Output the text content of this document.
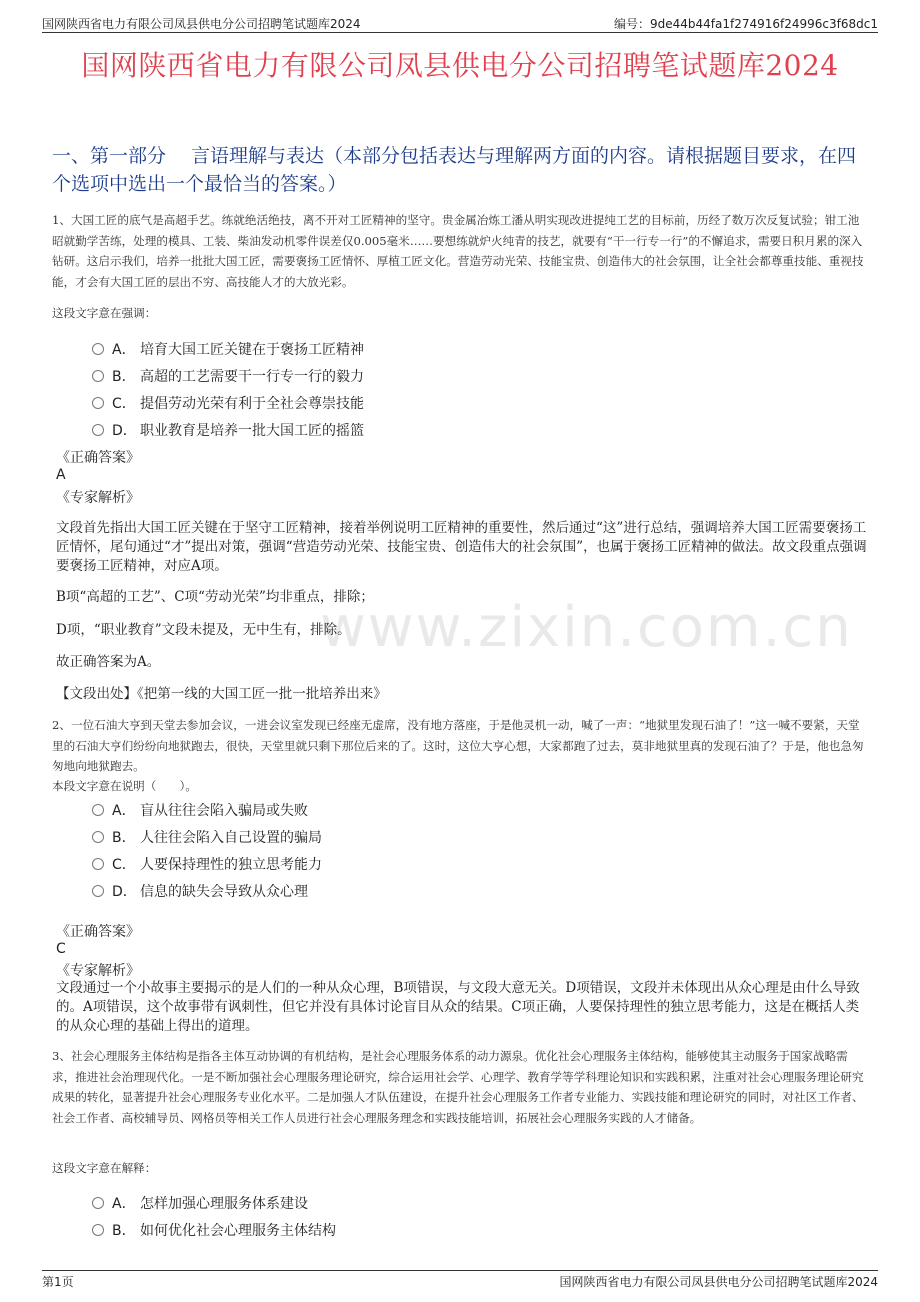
国网陕西省电力有限公司凤县供电分公司招聘笔试题库2024	编号：9de44b44fa1f274916f24996c3f68dc1
国网陕西省电力有限公司凤县供电分公司招聘笔试题库2024
一、第一部分　 言语理解与表达（本部分包括表达与理解两方面的内容。请根据题目要求，在四个选项中选出一个最恰当的答案。）
www.zixin.com.cn
1、大国工匠的底气是高超手艺。练就绝活绝技，离不开对工匠精神的坚守。贵金属冶炼工潘从明实现改进提纯工艺的目标前，历经了数万次反复试验；钳工池昭就勤学苦练，处理的模具、工装、柴油发动机零件误差仅0.005毫米……要想练就炉火纯青的技艺，就要有“干一行专一行”的不懈追求，需要日积月累的深入钻研。这启示我们，培养一批批大国工匠，需要褒扬工匠情怀、厚植工匠文化。营造劳动光荣、技能宝贵、创造伟大的社会氛围，让全社会都尊重技能、重视技能，才会有大国工匠的层出不穷、高技能人才的大放光彩。
这段文字意在强调：
A． 培育大国工匠关键在于褒扬工匠精神
B． 高超的工艺需要干一行专一行的毅力
C． 提倡劳动光荣有利于全社会尊崇技能
D． 职业教育是培养一批大国工匠的摇篮
《正确答案》
A
《专家解析》
文段首先指出大国工匠关键在于坚守工匠精神，接着举例说明工匠精神的重要性，然后通过“这”进行总结，强调培养大国工匠需要褒扬工匠情怀，尾句通过“才”提出对策，强调“营造劳动光荣、技能宝贵、创造伟大的社会氛围”，也属于褒扬工匠精神的做法。故文段重点强调要褒扬工匠精神，对应A项。
B项“高超的工艺”、C项“劳动光荣”均非重点，排除；
D项，“职业教育”文段未提及，无中生有，排除。
故正确答案为A。
【文段出处】《把第一线的大国工匠一批一批培养出来》
2、一位石油大亨到天堂去参加会议，一进会议室发现已经座无虚席，没有地方落座，于是他灵机一动，喊了一声：“地狱里发现石油了！”这一喊不要紧，天堂里的石油大亨们纷纷向地狱跑去，很快，天堂里就只剩下那位后来的了。这时，这位大亨心想，大家都跑了过去，莫非地狱里真的发现石油了？于是，他也急匆匆地向地狱跑去。
本段文字意在说明（　　）。
A． 盲从往往会陷入骗局或失败
B． 人往往会陷入自己设置的骗局
C． 人要保持理性的独立思考能力
D． 信息的缺失会导致从众心理
《正确答案》
C
《专家解析》
文段通过一个小故事主要揭示的是人们的一种从众心理，B项错误，与文段大意无关。D项错误，文段并未体现出从众心理是由什么导致的。A项错误，这个故事带有讽刺性，但它并没有具体讨论盲目从众的结果。C项正确，人要保持理性的独立思考能力，这是在概括人类的从众心理的基础上得出的道理。
3、社会心理服务主体结构是指各主体互动协调的有机结构，是社会心理服务体系的动力源泉。优化社会心理服务主体结构，能够使其主动服务于国家战略需求，推进社会治理现代化。一是不断加强社会心理服务理论研究，综合运用社会学、心理学、教育学等学科理论知识和实践积累，注重对社会心理服务理论研究成果的转化，显著提升社会心理服务专业化水平。二是加强人才队伍建设，在提升社会心理服务工作者专业能力、实践技能和理论研究的同时，对社区工作者、社会工作者、高校辅导员、网格员等相关工作人员进行社会心理服务理念和实践技能培训，拓展社会心理服务实践的人才储备。
这段文字意在解释：
A． 怎样加强心理服务体系建设
B． 如何优化社会心理服务主体结构
第1页	国网陕西省电力有限公司凤县供电分公司招聘笔试题库2024
